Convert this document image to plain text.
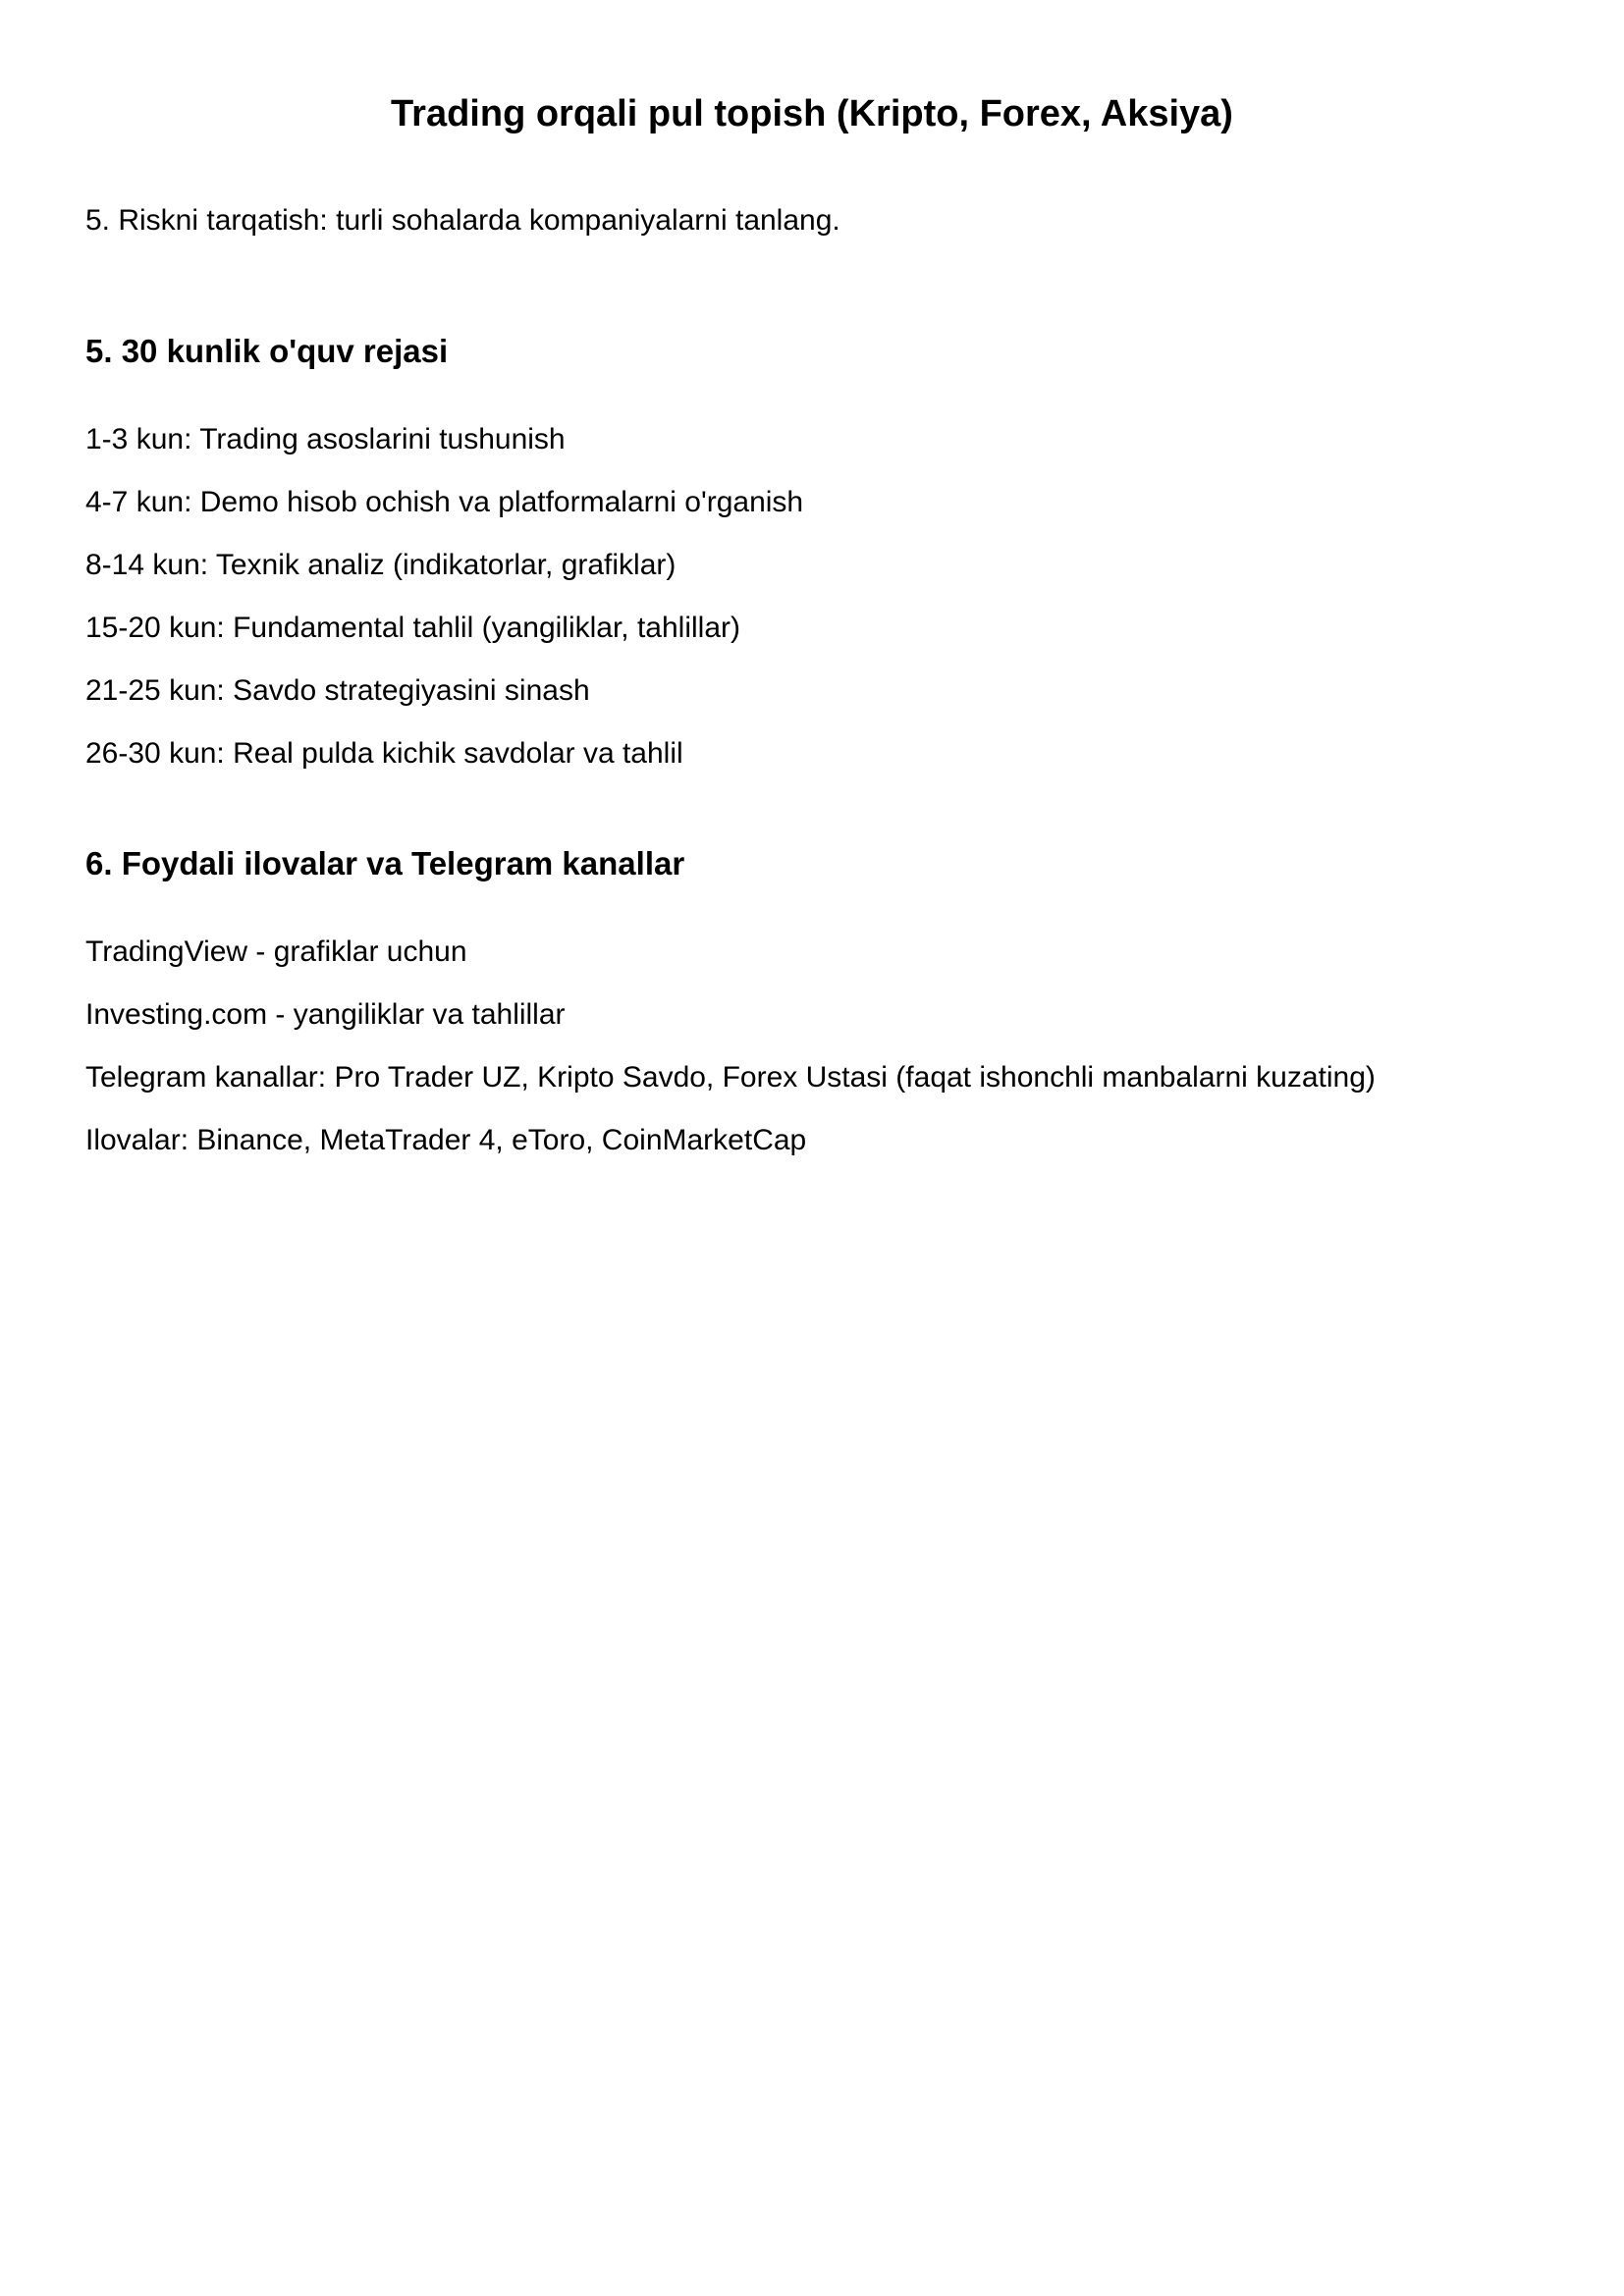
Trading orqali pul topish (Kripto, Forex, Aksiya)

5. Riskni tarqatish: turli sohalarda kompaniyalarni tanlang.

5. 30 kunlik o'quv rejasi
1-3 kun: Trading asoslarini tushunish
4-7 kun: Demo hisob ochish va platformalarni o'rganish
8-14 kun: Texnik analiz (indikatorlar, grafiklar)
15-20 kun: Fundamental tahlil (yangiliklar, tahlillar)
21-25 kun: Savdo strategiyasini sinash
26-30 kun: Real pulda kichik savdolar va tahlil
6. Foydali ilovalar va Telegram kanallar
TradingView - grafiklar uchun
Investing.com - yangiliklar va tahlillar
Telegram kanallar: Pro Trader UZ, Kripto Savdo, Forex Ustasi (faqat ishonchli manbalarni kuzating)
Ilovalar: Binance, MetaTrader 4, eToro, CoinMarketCap
